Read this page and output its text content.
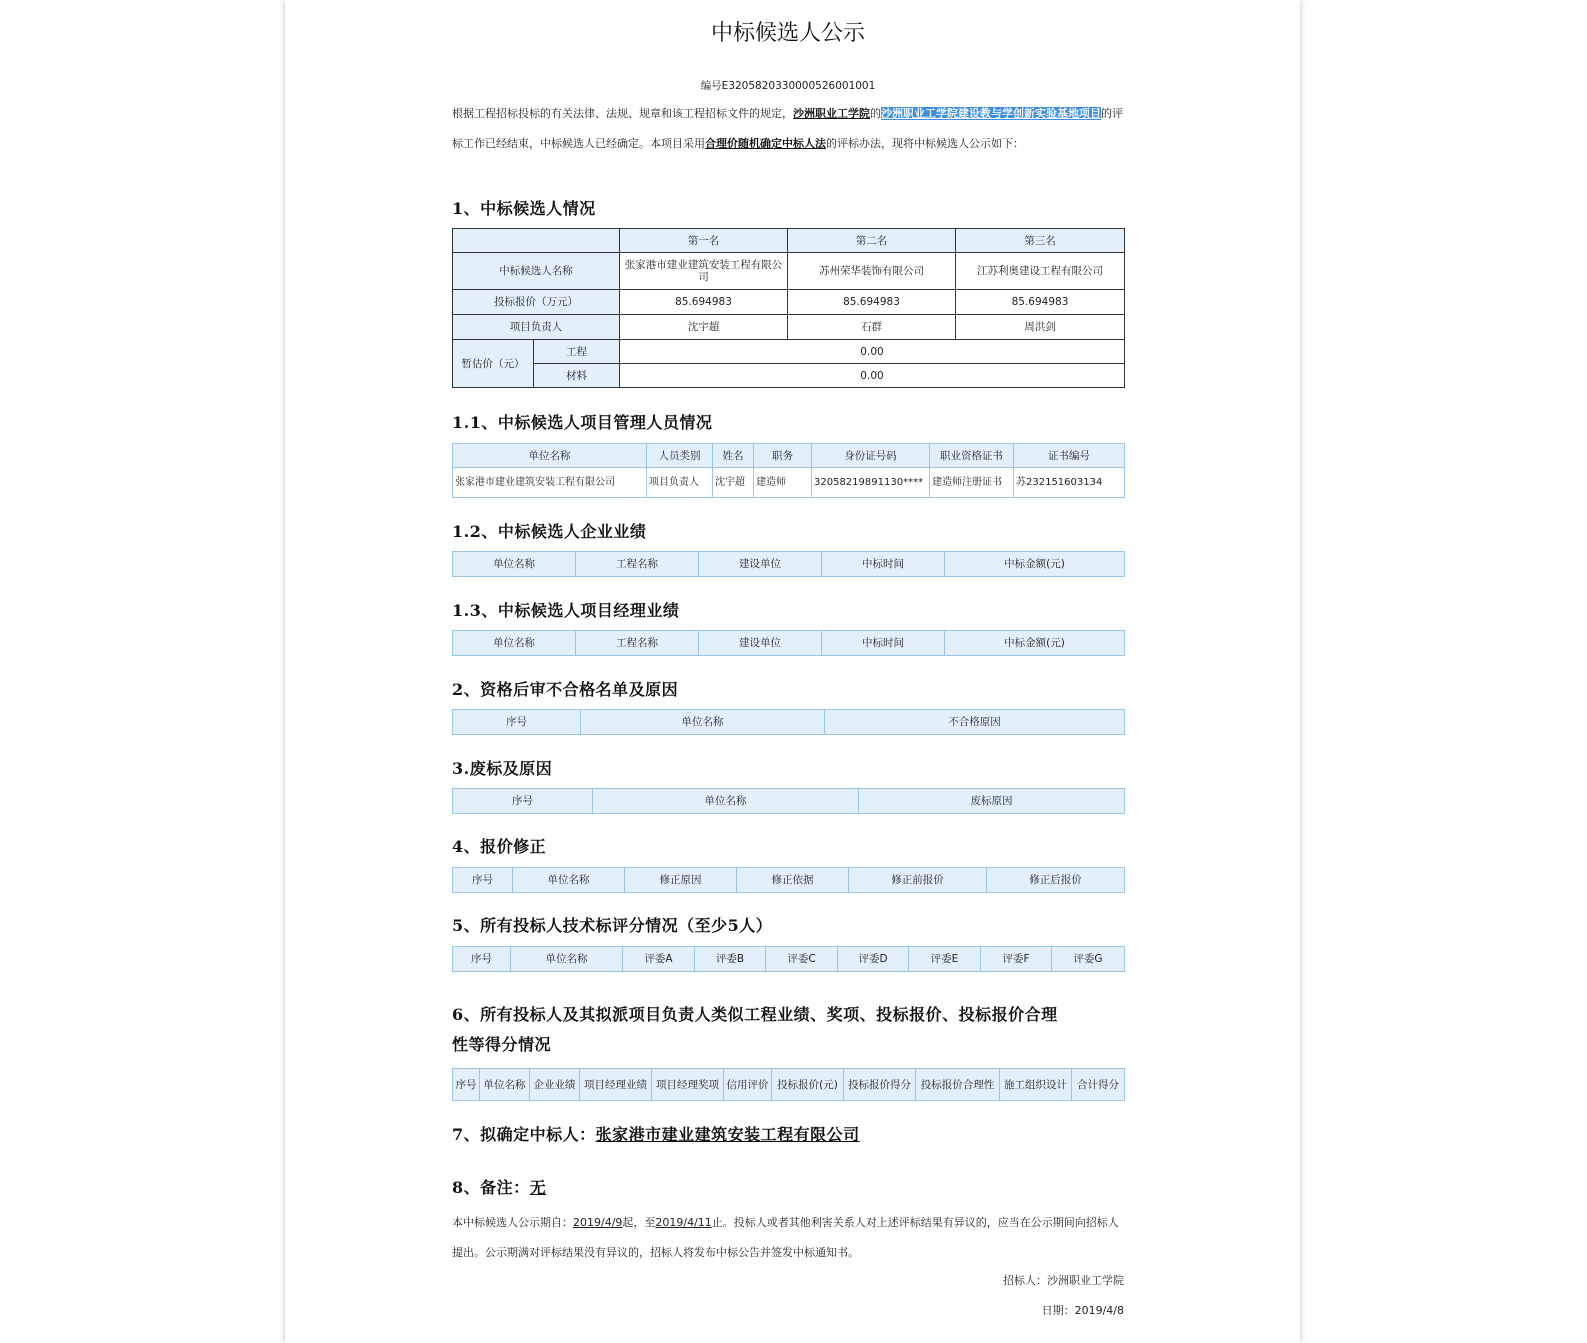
中标候选人公示
编号E3205820330000526001001
根据工程招标投标的有关法律、法规、规章和该工程招标文件的规定，沙洲职业工学院的沙洲职业工学院建设教与学创新实验基地项目的评标工作已经结束，中标候选人已经确定。本项目采用合理价随机确定中标人法的评标办法，现将中标候选人公示如下：
1、中标候选人情况
		第一名	第二名	第三名
中标候选人名称		张家港市建业建筑安装工程有限公司	苏州荣华装饰有限公司	江苏利奥建设工程有限公司
投标报价（万元）		85.694983	85.694983	85.694983
项目负责人		沈宇超	石群	周洪剑
暂估价（元）	工程	0.00		
	材料	0.00		
1.1、中标候选人项目管理人员情况
单位名称	人员类别	姓名	职务	身份证号码	职业资格证书	证书编号
张家港市建业建筑安装工程有限公司	项目负责人	沈宇超	建造师	32058219891130****	建造师注册证书	苏232151603134
1.2、中标候选人企业业绩
单位名称	工程名称	建设单位	中标时间	中标金额(元)
1.3、中标候选人项目经理业绩
单位名称	工程名称	建设单位	中标时间	中标金额(元)
2、资格后审不合格名单及原因
序号	单位名称	不合格原因
3.废标及原因
序号	单位名称	废标原因
4、报价修正
序号	单位名称	修正原因	修正依据	修正前报价	修正后报价
5、所有投标人技术标评分情况（至少5人）
序号	单位名称	评委A	评委B	评委C	评委D	评委E	评委F	评委G
6、所有投标人及其拟派项目负责人类似工程业绩、奖项、投标报价、投标报价合理
性等得分情况
序号	单位名称	企业业绩	项目经理业绩	项目经理奖项	信用评价	投标报价(元)	投标报价得分	投标报价合理性	施工组织设计	合计得分
7、拟确定中标人：张家港市建业建筑安装工程有限公司
8、备注：无
本中标候选人公示期自：2019/4/9起，至2019/4/11止。投标人或者其他利害关系人对上述评标结果有异议的，应当在公示期间向招标人提出。公示期满对评标结果没有异议的，招标人将发布中标公告并签发中标通知书。
招标人：沙洲职业工学院
日期：2019/4/8
